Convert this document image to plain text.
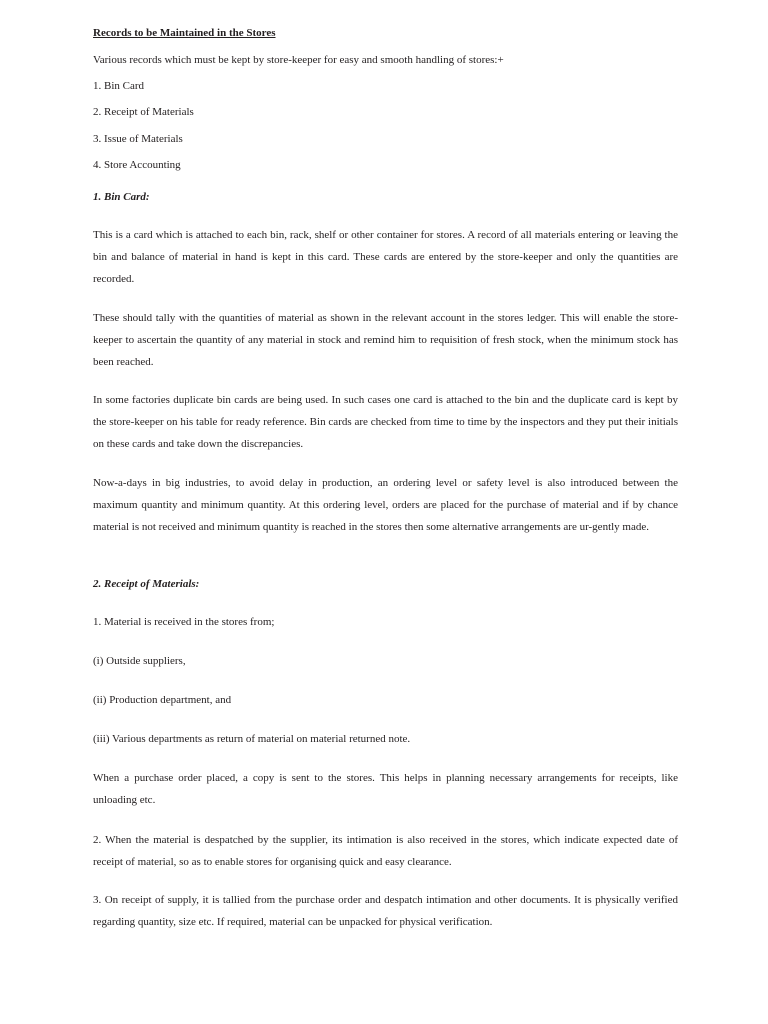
Records to be Maintained in the Stores
Various records which must be kept by store-keeper for easy and smooth handling of stores:+
1. Bin Card
2. Receipt of Materials
3. Issue of Materials
4. Store Accounting
1. Bin Card:
This is a card which is attached to each bin, rack, shelf or other container for stores. A record of all materials entering or leaving the bin and balance of material in hand is kept in this card. These cards are entered by the store-keeper and only the quantities are recorded.
These should tally with the quantities of material as shown in the relevant account in the stores ledger. This will enable the store-keeper to ascertain the quantity of any material in stock and remind him to requisition of fresh stock, when the minimum stock has been reached.
In some factories duplicate bin cards are being used. In such cases one card is attached to the bin and the duplicate card is kept by the store-keeper on his table for ready reference. Bin cards are checked from time to time by the inspectors and they put their initials on these cards and take down the discrepancies.
Now-a-days in big industries, to avoid delay in production, an ordering level or safety level is also introduced between the maximum quantity and minimum quantity. At this ordering level, orders are placed for the purchase of material and if by chance material is not received and minimum quantity is reached in the stores then some alternative arrangements are ur-gently made.
2. Receipt of Materials:
1. Material is received in the stores from;
(i) Outside suppliers,
(ii) Production department, and
(iii) Various departments as return of material on material returned note.
When a purchase order placed, a copy is sent to the stores. This helps in planning necessary arrangements for receipts, like unloading etc.
2. When the material is despatched by the supplier, its intimation is also received in the stores, which indicate expected date of receipt of material, so as to enable stores for organising quick and easy clearance.
3. On receipt of supply, it is tallied from the purchase order and despatch intimation and other documents. It is physically verified regarding quantity, size etc. If required, material can be unpacked for physical verification.
